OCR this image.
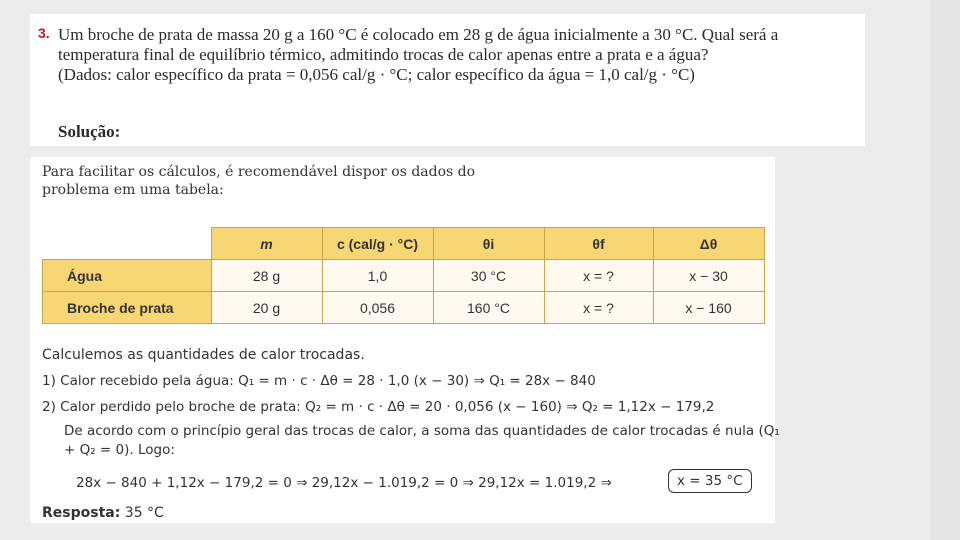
3. Um broche de prata de massa 20 g a 160 °C é colocado em 28 g de água inicialmente a 30 °C. Qual será a temperatura final de equilíbrio térmico, admitindo trocas de calor apenas entre a prata e a água?

(Dados: calor específico da prata = 0,056 cal/g · °C; calor específico da água = 1,0 cal/g · °C)

Solução:
Para facilitar os cálculos, é recomendável dispor os dados do problema em uma tabela:
	m	c (cal/g · °C)	θi	θf	Δθ
Água	28 g	1,0	30 °C	x = ?	x − 30
Broche de prata	20 g	0,056	160 °C	x = ?	x − 160
Calculemos as quantidades de calor trocadas.
1) Calor recebido pela água: Q₁ = m · c · Δθ = 28 · 1,0 (x − 30) ⇒ Q₁ = 28x − 840
2) Calor perdido pelo broche de prata: Q₂ = m · c · Δθ = 20 · 0,056 (x − 160) ⇒ Q₂ = 1,12x − 179,2
De acordo com o princípio geral das trocas de calor, a soma das quantidades de calor trocadas é nula (Q₁ + Q₂ = 0). Logo:
28x − 840 + 1,12x − 179,2 = 0 ⇒ 29,12x − 1.019,2 = 0 ⇒ 29,12x = 1.019,2 ⇒	x = 35 °C
Resposta: 35 °C
